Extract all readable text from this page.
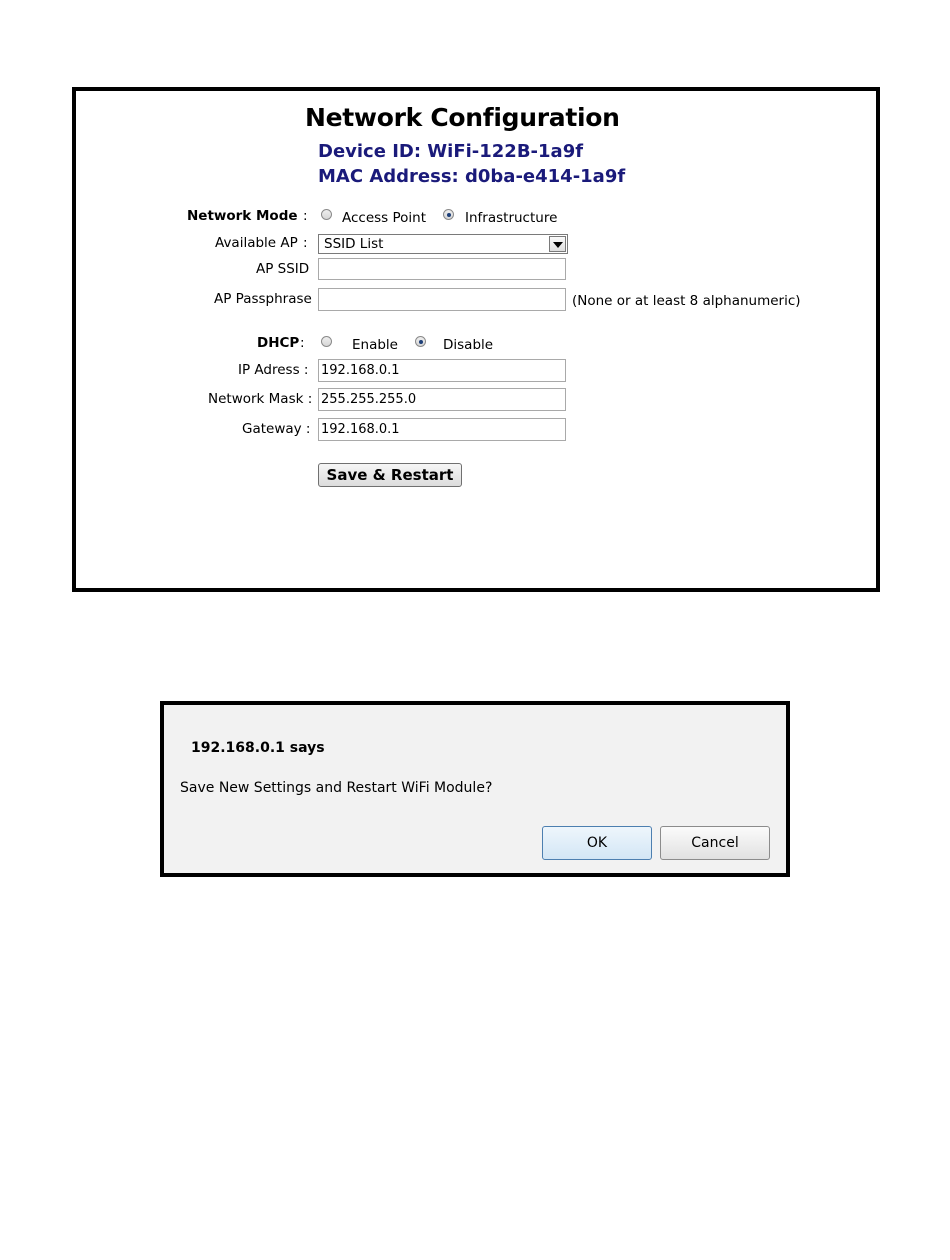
Network Configuration
Device ID: WiFi-122B-1a9f
MAC Address: d0ba-e414-1a9f
Network Mode :	Access Point	Infrastructure
Available AP :	SSID List
AP SSID
AP Passphrase	(None or at least 8 alphanumeric)
DHCP :	Enable	Disable
IP Adress :
192.168.0.1
Network Mask :
255.255.255.0
Gateway :
192.168.0.1
Save & Restart
192.168.0.1 says
Save New Settings and Restart WiFi Module?
OK	Cancel
